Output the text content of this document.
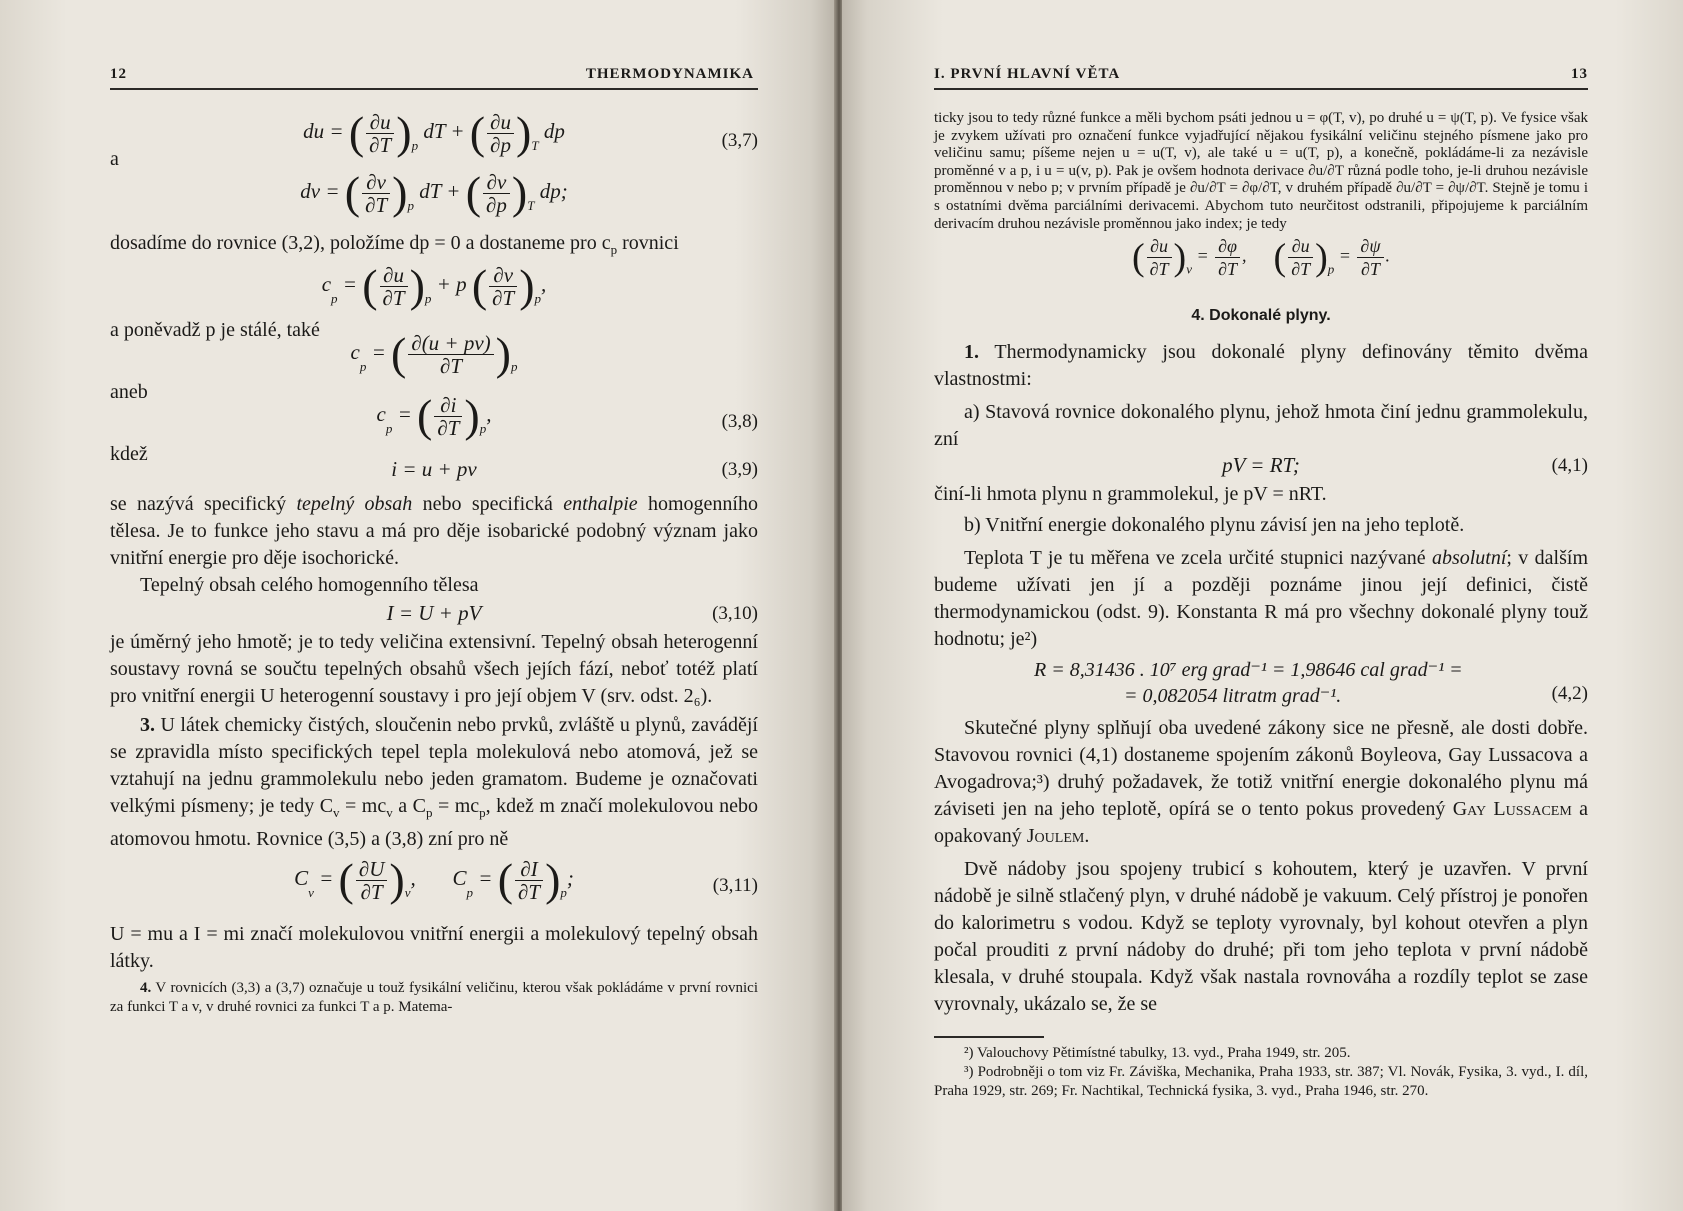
12	THERMODYNAMIKA
du = ( $\frac{\partial u}{\partial T} )_p$ dT + ( $\frac{\partial u}{\partial p} )_T$ dp	(3,7)
a
dv = ( $\frac{\partial v}{\partial T} )_p$ dT + ( $\frac{\partial v}{\partial p} )_T$ dp;

dosadíme do rovnice (3,2), položíme dp = 0 a dostaneme pro $c_p$ rovnici

$c_p$ = ( $\frac{\partial u}{\partial T} )_p + p$ ( $\frac{\partial v}{\partial T} )_p$,
a poněvadž p je stálé, také
$c_p$ = ( $\frac{\partial(u + pv)}{\partial T} )_p$
aneb
$c_p$ = ( $\frac{\partial i}{\partial T} )_p$,	(3,8)
kdež
i = u + pv	(3,9)

se nazývá specifický tepelný obsah nebo specifická enthalpie homogenního tělesa. Je to funkce jeho stavu a má pro děje isobarické podobný význam jako vnitřní energie pro děje isochorické.

Tepelný obsah celého homogenního tělesa

I = U + pV	(3,10)

je úměrný jeho hmotě; je to tedy veličina extensivní. Tepelný obsah heterogenní soustavy rovná se součtu tepelných obsahů všech jejích fází, neboť totéž platí pro vnitřní energii U heterogenní soustavy i pro její objem V (srv. odst. 2₆).

3. U látek chemicky čistých, sloučenin nebo prvků, zvláště u plynů, zavádějí se zpravidla místo specifických tepel tepla molekulová nebo atomová, jež se vztahují na jednu grammolekulu nebo jeden gramatom. Budeme je označovati velkými písmeny; je tedy $C_v = mc_v$ a $C_p = mc_p$, kdež m značí molekulovou nebo atomovou hmotu. Rovnice (3,5) a (3,8) zní pro ně

$C_v$ = ( $\frac{\partial U}{\partial T} )_v$,       $C_p$ = ( $\frac{\partial I}{\partial T} )_p$;	(3,11)

U = mu a I = mi značí molekulovou vnitřní energii a molekulový tepelný obsah látky.

4. V rovnicích (3,3) a (3,7) označuje u touž fysikální veličinu, kterou však pokládáme v první rovnici za funkci T a v, v druhé rovnici za funkci T a p. Matema-

I. PRVNÍ HLAVNÍ VĚTA	13

ticky jsou to tedy různé funkce a měli bychom psáti jednou u = φ(T, v), po druhé u = ψ(T, p). Ve fysice však je zvykem užívati pro označení funkce vyjadřující nějakou fysikální veličinu stejného písmene jako pro veličinu samu; píšeme nejen u = u(T, v), ale také u = u(T, p), a konečně, pokládáme-li za nezávisle proměnné v a p, i u = u(v, p). Pak je ovšem hodnota derivace ∂u/∂T různá podle toho, je-li druhou nezávisle proměnnou v nebo p; v prvním případě je ∂u/∂T = ∂φ/∂T, v druhém případě ∂u/∂T = ∂ψ/∂T. Stejně je tomu i s ostatními dvěma parciálními derivacemi. Abychom tuto neurčitost odstranili, připojujeme k parciálním derivacím druhou nezávisle proměnnou jako index; je tedy

( $\frac{\partial u}{\partial T} )_v = \frac{\partial\varphi}{\partial T}$ ,      ( $\frac{\partial u}{\partial T} )_p = \frac{\partial\psi}{\partial T}$ .
4. Dokonalé plyny.

1. Thermodynamicky jsou dokonalé plyny definovány těmito dvěma vlastnostmi:

a) Stavová rovnice dokonalého plynu, jehož hmota činí jednu grammolekulu, zní

pV = RT;	(4,1)

činí-li hmota plynu n grammolekul, je pV = nRT.

b) Vnitřní energie dokonalého plynu závisí jen na jeho teplotě.

Teplota T je tu měřena ve zcela určité stupnici nazývané absolutní; v dalším budeme užívati jen jí a později poznáme jinou její definici, čistě thermodynamickou (odst. 9). Konstanta R má pro všechny dokonalé plyny touž hodnotu; je²)

R = 8,31436 . 10⁷ erg grad⁻¹ = 1,98646 cal grad⁻¹ =
= 0,082054 litratm grad⁻¹.	(4,2)

Skutečné plyny splňují oba uvedené zákony sice ne přesně, ale dosti dobře. Stavovou rovnici (4,1) dostaneme spojením zákonů Boyleova, Gay Lussacova a Avogadrova;³) druhý požadavek, že totiž vnitřní energie dokonalého plynu má záviseti jen na jeho teplotě, opírá se o tento pokus provedený Gay Lussacem a opakovaný Joulem.

Dvě nádoby jsou spojeny trubicí s kohoutem, který je uzavřen. V první nádobě je silně stlačený plyn, v druhé nádobě je vakuum. Celý přístroj je ponořen do kalorimetru s vodou. Když se teploty vyrovnaly, byl kohout otevřen a plyn počal prouditi z první nádoby do druhé; při tom jeho teplota v první nádobě klesala, v druhé stoupala. Když však nastala rovnováha a rozdíly teplot se zase vyrovnaly, ukázalo se, že se

²) Valouchovy Pětimístné tabulky, 13. vyd., Praha 1949, str. 205.

³) Podrobněji o tom viz Fr. Záviška, Mechanika, Praha 1933, str. 387; Vl. Novák, Fysika, 3. vyd., I. díl, Praha 1929, str. 269; Fr. Nachtikal, Technická fysika, 3. vyd., Praha 1946, str. 270.
